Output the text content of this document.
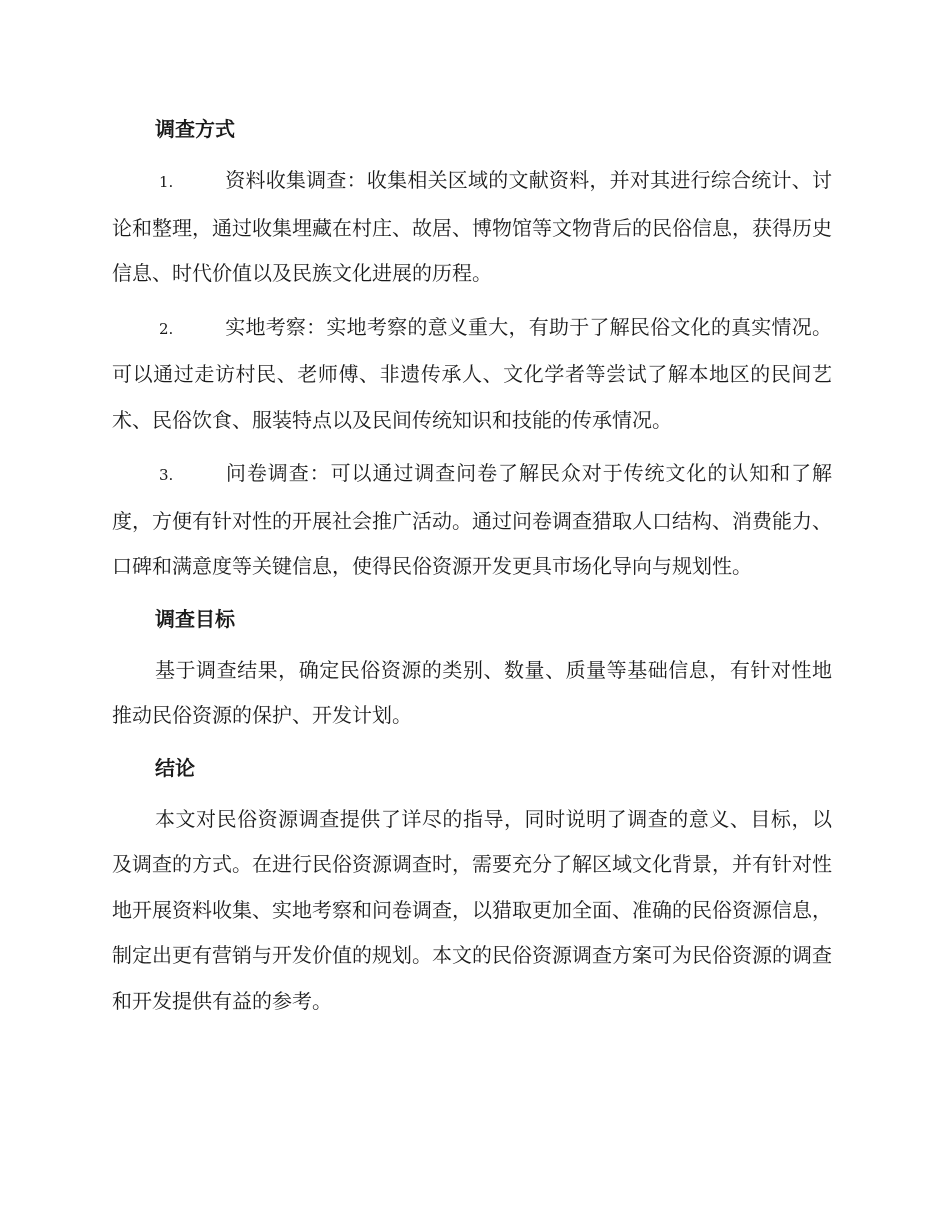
调查方式

1.	资料收集调查：收集相关区域的文献资料，并对其进行综合统计、讨论和整理，通过收集埋藏在村庄、故居、博物馆等文物背后的民俗信息，获得历史信息、时代价值以及民族文化进展的历程。

2.	实地考察：实地考察的意义重大，有助于了解民俗文化的真实情况。可以通过走访村民、老师傅、非遗传承人、文化学者等尝试了解本地区的民间艺术、民俗饮食、服装特点以及民间传统知识和技能的传承情况。

3.	问卷调查：可以通过调查问卷了解民众对于传统文化的认知和了解度，方便有针对性的开展社会推广活动。通过问卷调查猎取人口结构、消费能力、口碑和满意度等关键信息，使得民俗资源开发更具市场化导向与规划性。

调查目标

基于调查结果，确定民俗资源的类别、数量、质量等基础信息，有针对性地推动民俗资源的保护、开发计划。

结论

本文对民俗资源调查提供了详尽的指导，同时说明了调查的意义、目标，以及调查的方式。在进行民俗资源调查时，需要充分了解区域文化背景，并有针对性地开展资料收集、实地考察和问卷调查，以猎取更加全面、准确的民俗资源信息，制定出更有营销与开发价值的规划。本文的民俗资源调查方案可为民俗资源的调查和开发提供有益的参考。
